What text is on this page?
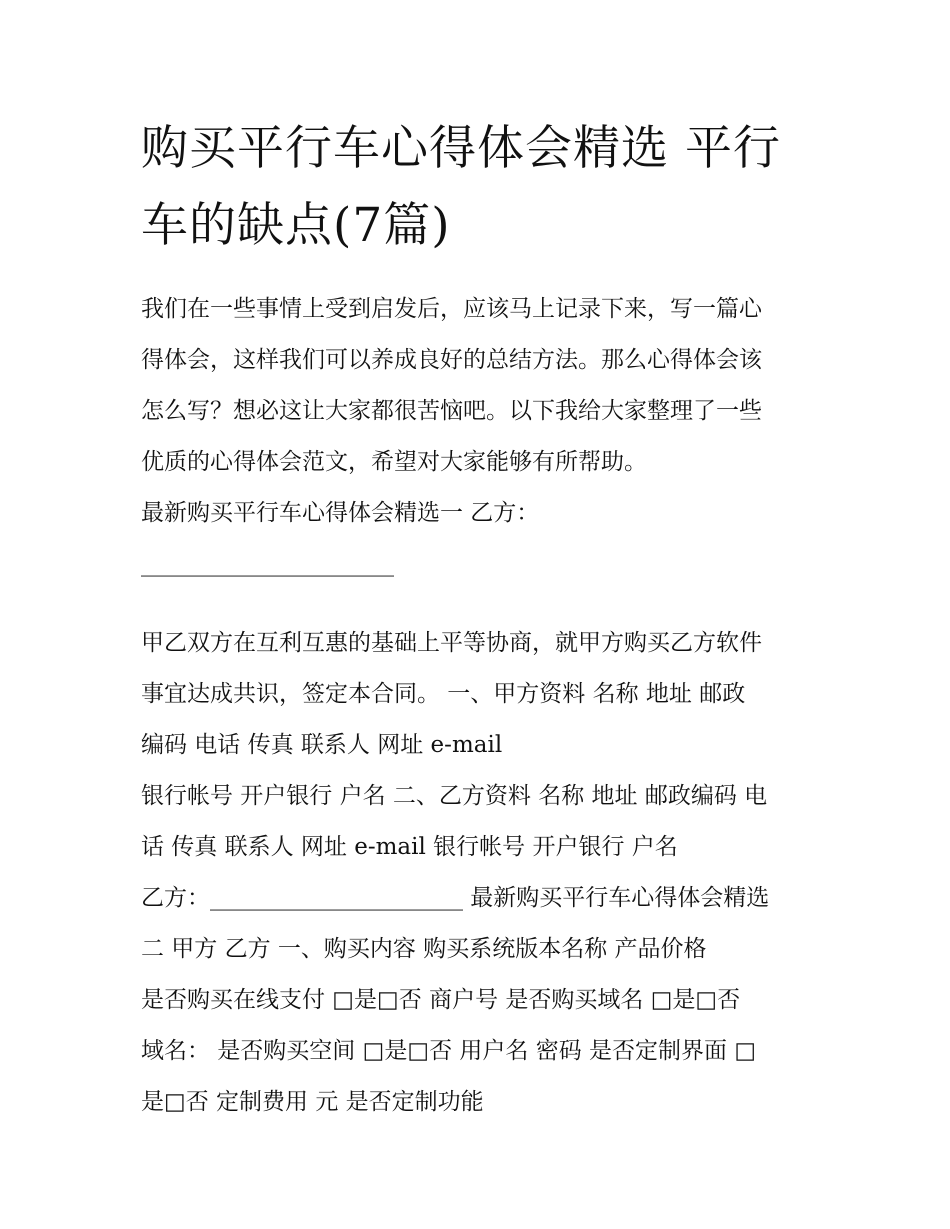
购买平行车心得体会精选 平行
车的缺点(7篇)
我们在一些事情上受到启发后，应该马上记录下来，写一篇心
得体会，这样我们可以养成良好的总结方法。那么心得体会该
怎么写？想必这让大家都很苦恼吧。以下我给大家整理了一些
优质的心得体会范文，希望对大家能够有所帮助。
最新购买平行车心得体会精选一 乙方：
______________________
甲乙双方在互利互惠的基础上平等协商，就甲方购买乙方软件
事宜达成共识，签定本合同。 一、甲方资料 名称 地址 邮政
编码 电话 传真 联系人 网址 e-mail
银行帐号 开户银行 户名 二、乙方资料 名称 地址 邮政编码 电
话 传真 联系人 网址 e-mail 银行帐号 开户银行 户名
乙方：______________________ 最新购买平行车心得体会精选
二 甲方 乙方 一、购买内容 购买系统版本名称 产品价格
是否购买在线支付 □是□否 商户号 是否购买域名 □是□否
域名： 是否购买空间 □是□否 用户名 密码 是否定制界面 □
是□否 定制费用 元 是否定制功能
